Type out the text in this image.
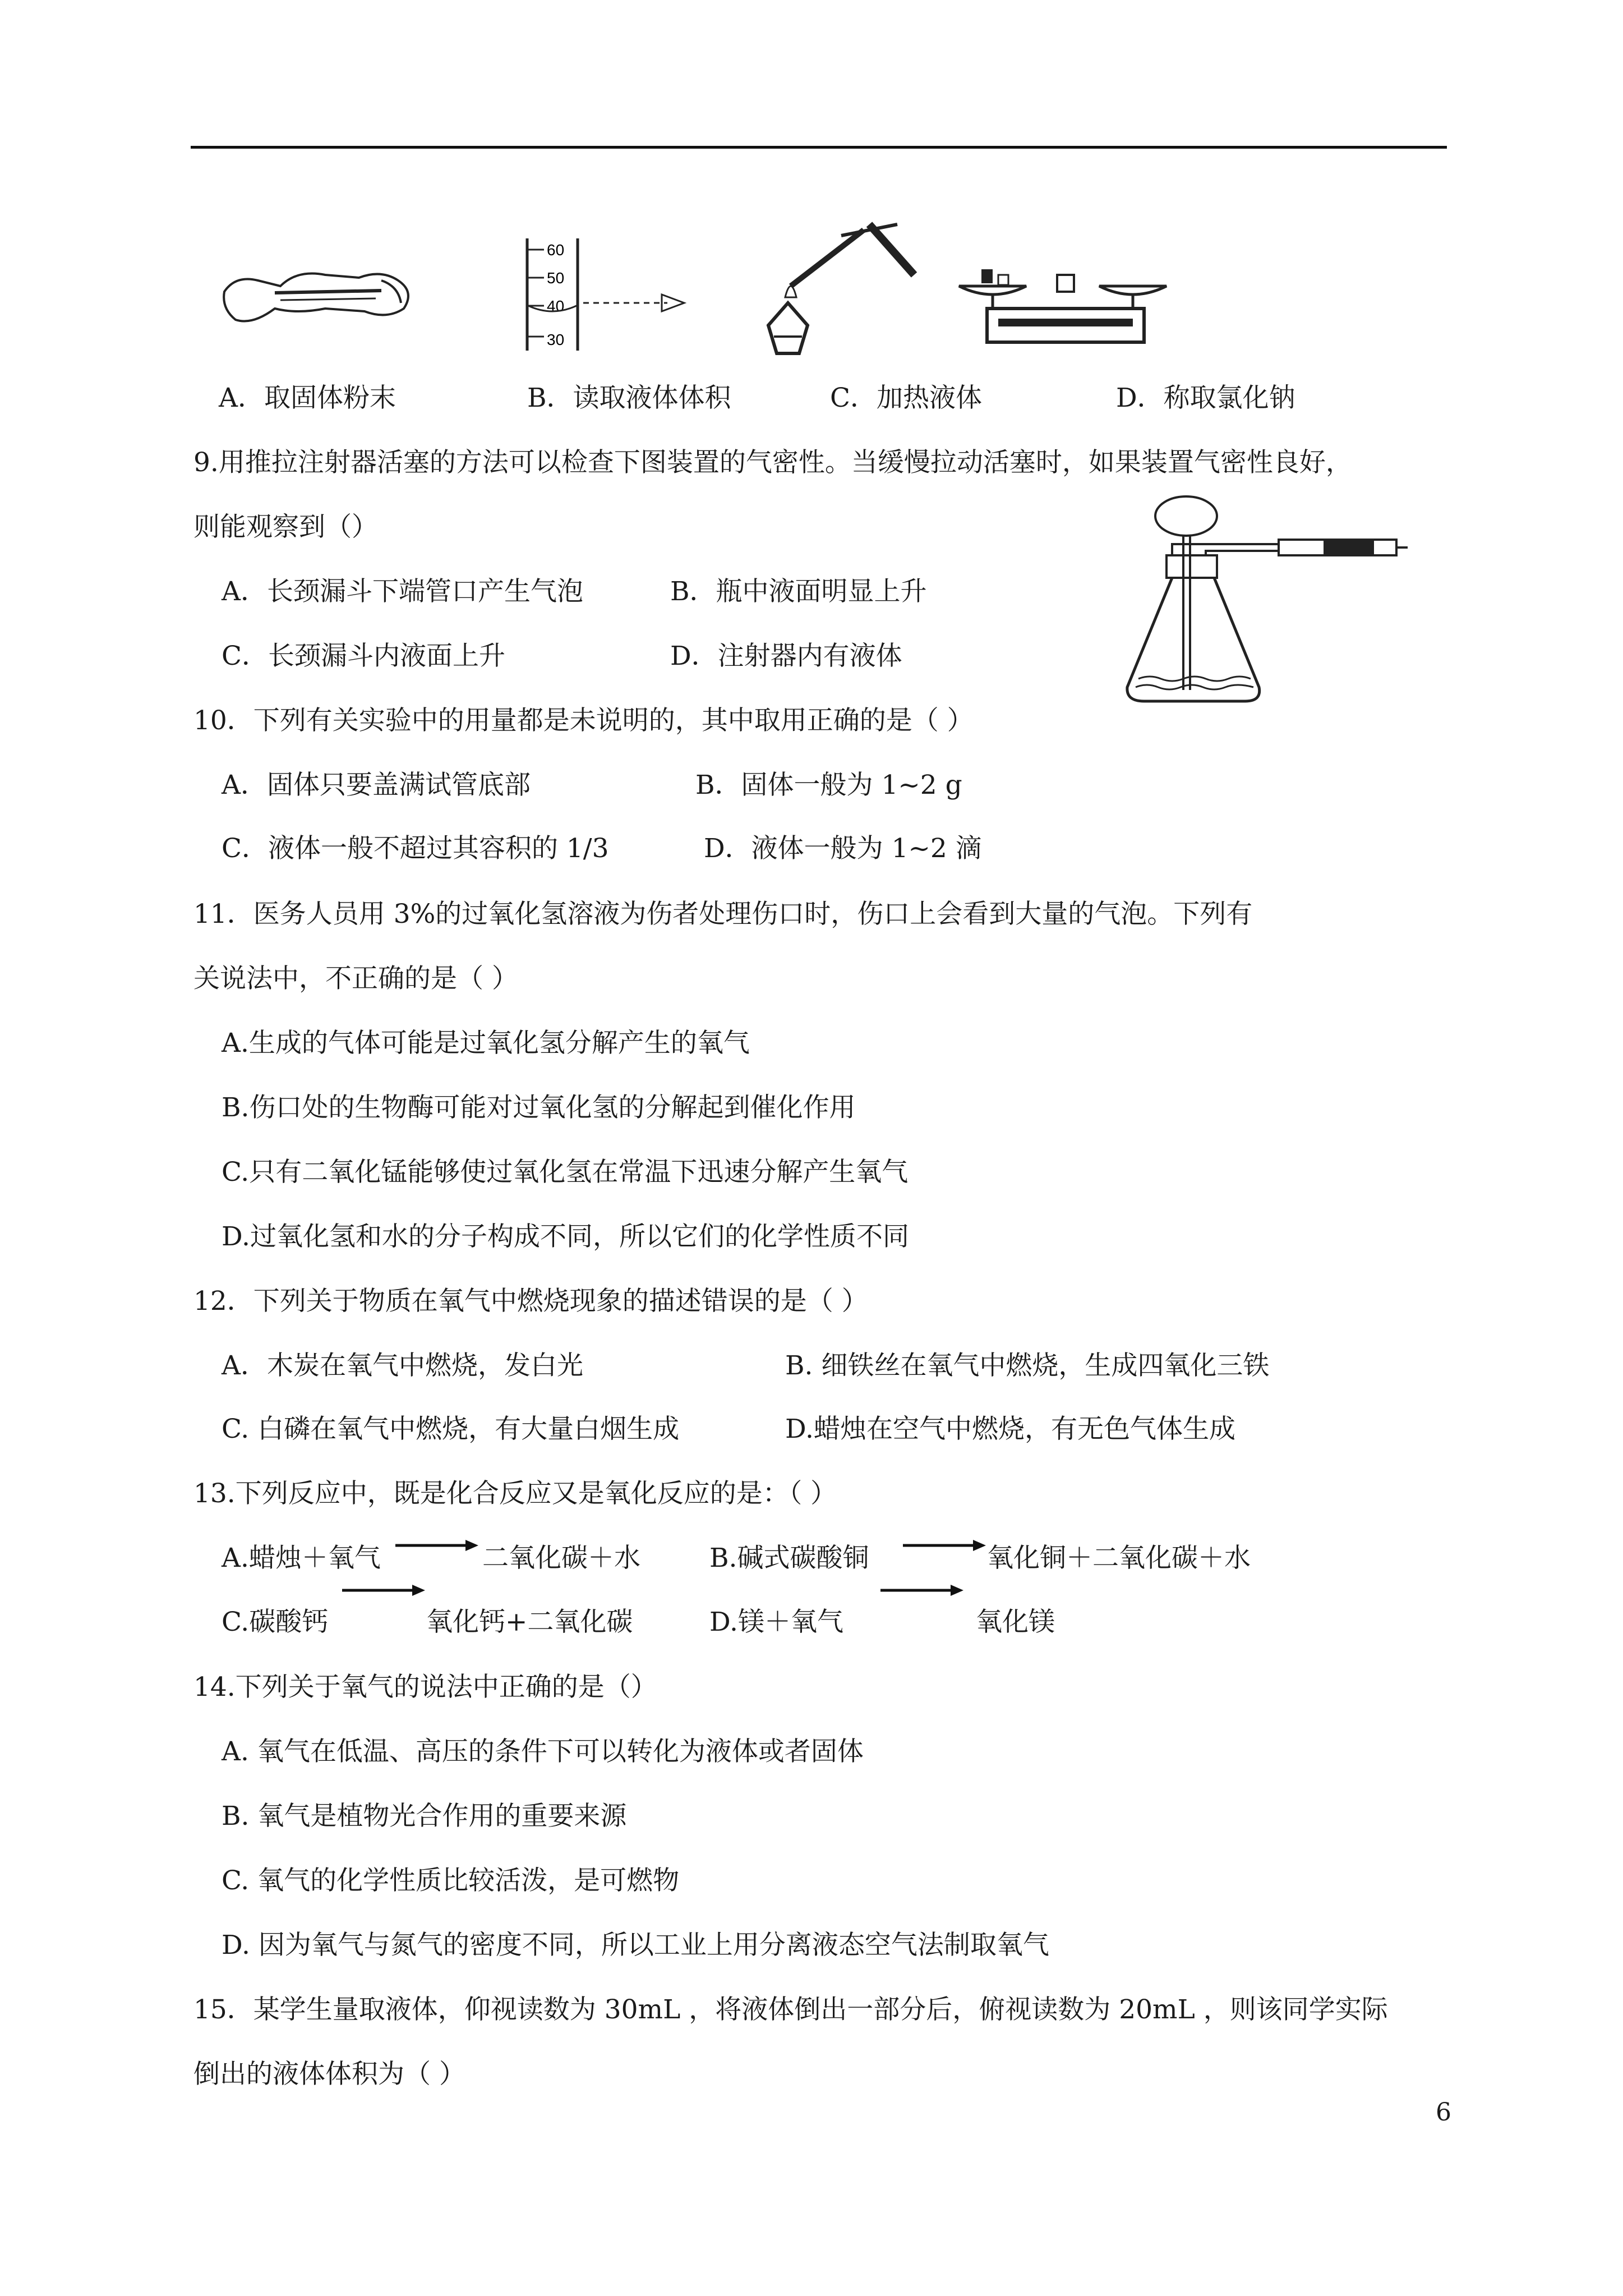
60
50
40
30
A．取固体粉末	B．读取液体体积	C．加热液体	D．称取氯化钠
9.用推拉注射器活塞的方法可以检查下图装置的气密性。当缓慢拉动活塞时，如果装置气密性良好，
则能观察到（）
A．长颈漏斗下端管口产生气泡	B．瓶中液面明显上升
C．长颈漏斗内液面上升	D．注射器内有液体
10．下列有关实验中的用量都是未说明的，其中取用正确的是（ ）
A．固体只要盖满试管底部	B．固体一般为 1~2 g
C．液体一般不超过其容积的 1/3	D．液体一般为 1~2 滴
11．医务人员用 3%的过氧化氢溶液为伤者处理伤口时，伤口上会看到大量的气泡。下列有
关说法中，不正确的是（ ）
A.生成的气体可能是过氧化氢分解产生的氧气
B.伤口处的生物酶可能对过氧化氢的分解起到催化作用
C.只有二氧化锰能够使过氧化氢在常温下迅速分解产生氧气
D.过氧化氢和水的分子构成不同，所以它们的化学性质不同
12．下列关于物质在氧气中燃烧现象的描述错误的是（ ）
A．木炭在氧气中燃烧，发白光	B. 细铁丝在氧气中燃烧，生成四氧化三铁
C. 白磷在氧气中燃烧，有大量白烟生成	D.蜡烛在空气中燃烧，有无色气体生成
13.下列反应中，既是化合反应又是氧化反应的是：（ ）
A.蜡烛＋氧气	二氧化碳＋水	B.碱式碳酸铜	氧化铜＋二氧化碳＋水
C.碳酸钙	氧化钙+二氧化碳	D.镁＋氧气	氧化镁
14.下列关于氧气的说法中正确的是（）
A. 氧气在低温、高压的条件下可以转化为液体或者固体
B. 氧气是植物光合作用的重要来源
C. 氧气的化学性质比较活泼，是可燃物
D. 因为氧气与氮气的密度不同，所以工业上用分离液态空气法制取氧气
15．某学生量取液体，仰视读数为 30mL ，将液体倒出一部分后，俯视读数为 20mL ，则该同学实际
倒出的液体体积为（ ）
6
